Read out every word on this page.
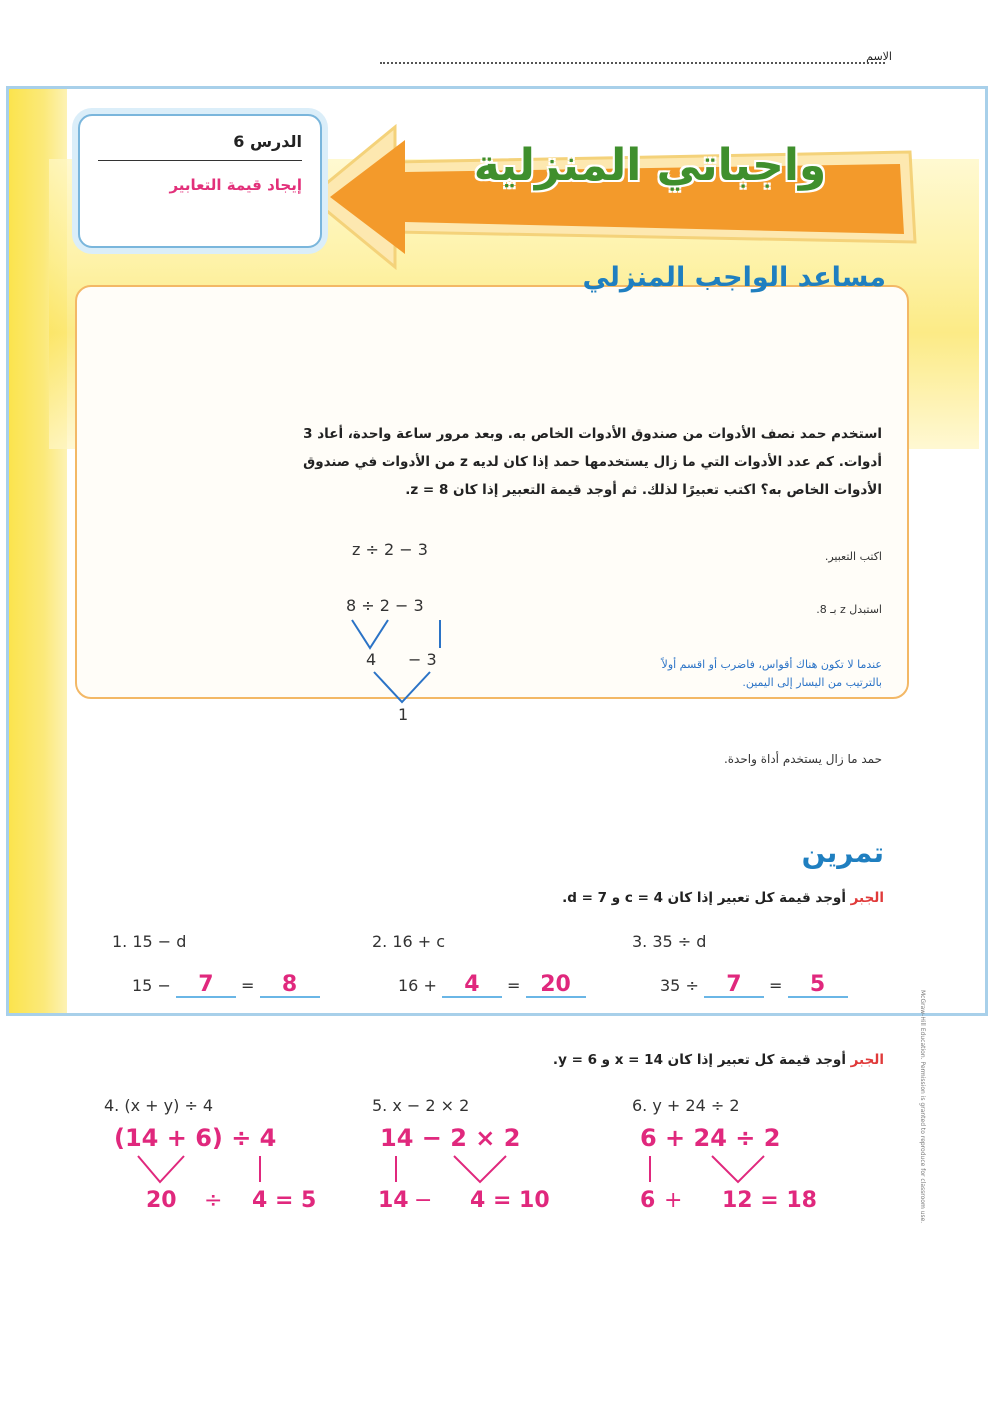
الاسم
واجباتي المنزلية
الدرس 6
إيجاد قيمة التعابير
مساعد الواجب المنزلي
استخدم حمد نصف الأدوات من صندوق الأدوات الخاص به. وبعد مرور ساعة واحدة، أعاد 3 أدوات. كم عدد الأدوات التي ما زال يستخدمها حمد إذا كان لديه z من الأدوات في صندوق الأدوات الخاص به؟ اكتب تعبيرًا لذلك. ثم أوجد قيمة التعبير إذا كان z = 8.
z ÷ 2 − 3	اكتب التعبير.
8 ÷ 2 − 3	استبدل z بـ 8.
4 − 3	عندما لا تكون هناك أقواس، فاضرب أو اقسم أولاً بالترتيب من اليسار إلى اليمين.
1
حمد ما زال يستخدم أداة واحدة.
تمرين
الجبر أوجد قيمة كل تعبير إذا كان c = 4 و d = 7.
1. 15 − d
15 − 7 = 8
2. 16 + c
16 + 4 = 20
3. 35 ÷ d
35 ÷ 7 = 5
الجبر أوجد قيمة كل تعبير إذا كان x = 14 و y = 6.
4. (x + y) ÷ 4
(14 + 6) ÷ 4
20 ÷ 4 = 5
5. x − 2 × 2
14 − 2 × 2
14 − 4 = 10
6. y + 24 ÷ 2
6 + 24 ÷ 2
6 + 12 = 18	McGraw-Hill Education. Permission is granted to reproduce for classroom use.
